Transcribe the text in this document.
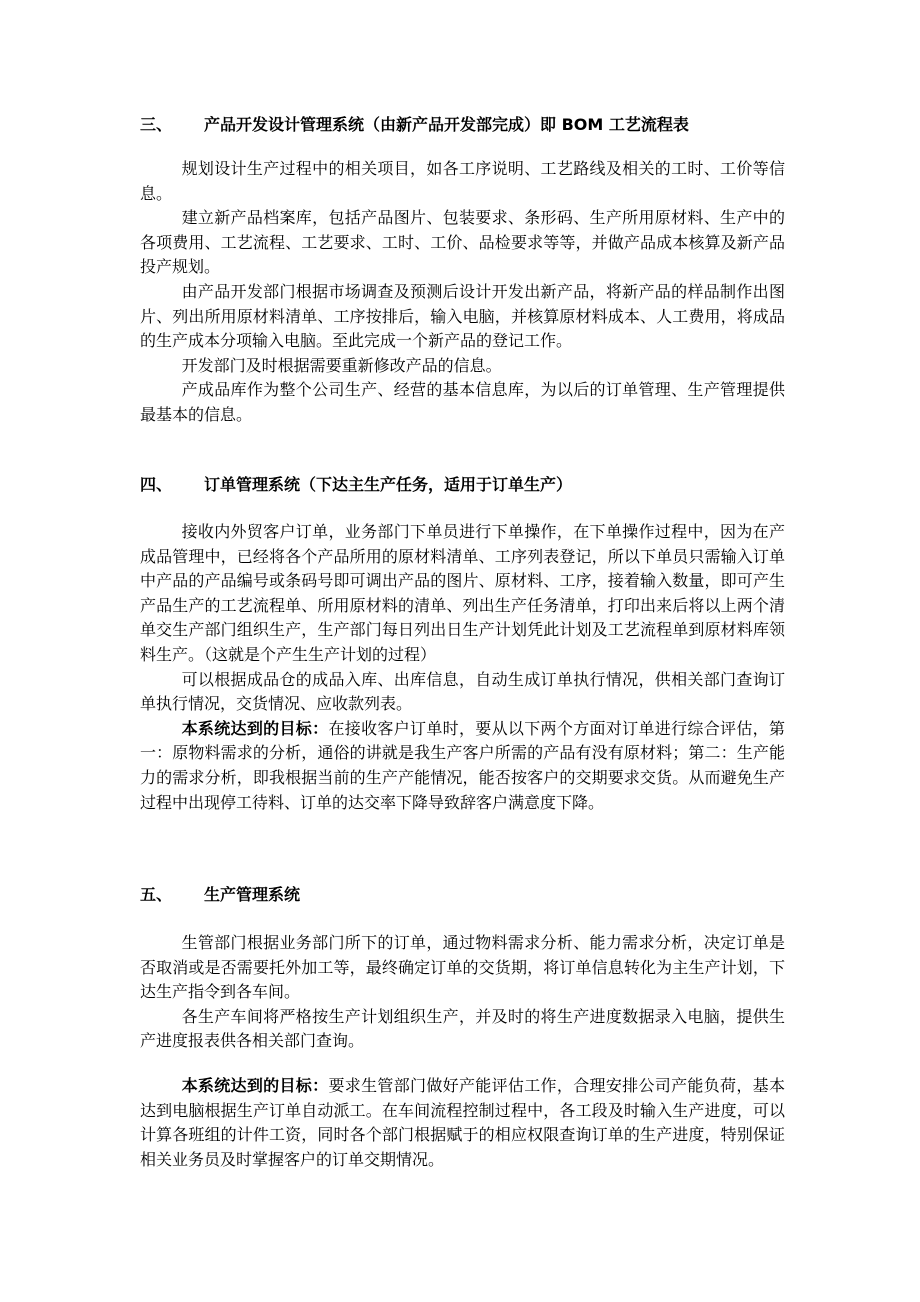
三、 产品开发设计管理系统（由新产品开发部完成）即 BOM 工艺流程表

规划设计生产过程中的相关项目，如各工序说明、工艺路线及相关的工时、工价等信息。

建立新产品档案库，包括产品图片、包装要求、条形码、生产所用原材料、生产中的各项费用、工艺流程、工艺要求、工时、工价、品检要求等等，并做产品成本核算及新产品投产规划。

由产品开发部门根据市场调查及预测后设计开发出新产品，将新产品的样品制作出图片、列出所用原材料清单、工序按排后，输入电脑，并核算原材料成本、人工费用，将成品的生产成本分项输入电脑。至此完成一个新产品的登记工作。

开发部门及时根据需要重新修改产品的信息。

产成品库作为整个公司生产、经营的基本信息库，为以后的订单管理、生产管理提供最基本的信息。

四、 订单管理系统（下达主生产任务，适用于订单生产）

接收内外贸客户订单，业务部门下单员进行下单操作，在下单操作过程中，因为在产成品管理中，已经将各个产品所用的原材料清单、工序列表登记，所以下单员只需输入订单中产品的产品编号或条码号即可调出产品的图片、原材料、工序，接着输入数量，即可产生产品生产的工艺流程单、所用原材料的清单、列出生产任务清单，打印出来后将以上两个清单交生产部门组织生产，生产部门每日列出日生产计划凭此计划及工艺流程单到原材料库领料生产。（这就是个产生生产计划的过程）

可以根据成品仓的成品入库、出库信息，自动生成订单执行情况，供相关部门查询订单执行情况，交货情况、应收款列表。

本系统达到的目标：在接收客户订单时，要从以下两个方面对订单进行综合评估，第一：原物料需求的分析，通俗的讲就是我生产客户所需的产品有没有原材料；第二：生产能力的需求分析，即我根据当前的生产产能情况，能否按客户的交期要求交货。从而避免生产过程中出现停工待料、订单的达交率下降导致辞客户满意度下降。

五、 生产管理系统

生管部门根据业务部门所下的订单，通过物料需求分析、能力需求分析，决定订单是否取消或是否需要托外加工等，最终确定订单的交货期，将订单信息转化为主生产计划，下达生产指令到各车间。

各生产车间将严格按生产计划组织生产，并及时的将生产进度数据录入电脑，提供生产进度报表供各相关部门查询。

本系统达到的目标：要求生管部门做好产能评估工作，合理安排公司产能负荷，基本达到电脑根据生产订单自动派工。在车间流程控制过程中，各工段及时输入生产进度，可以计算各班组的计件工资，同时各个部门根据赋于的相应权限查询订单的生产进度，特别保证相关业务员及时掌握客户的订单交期情况。
